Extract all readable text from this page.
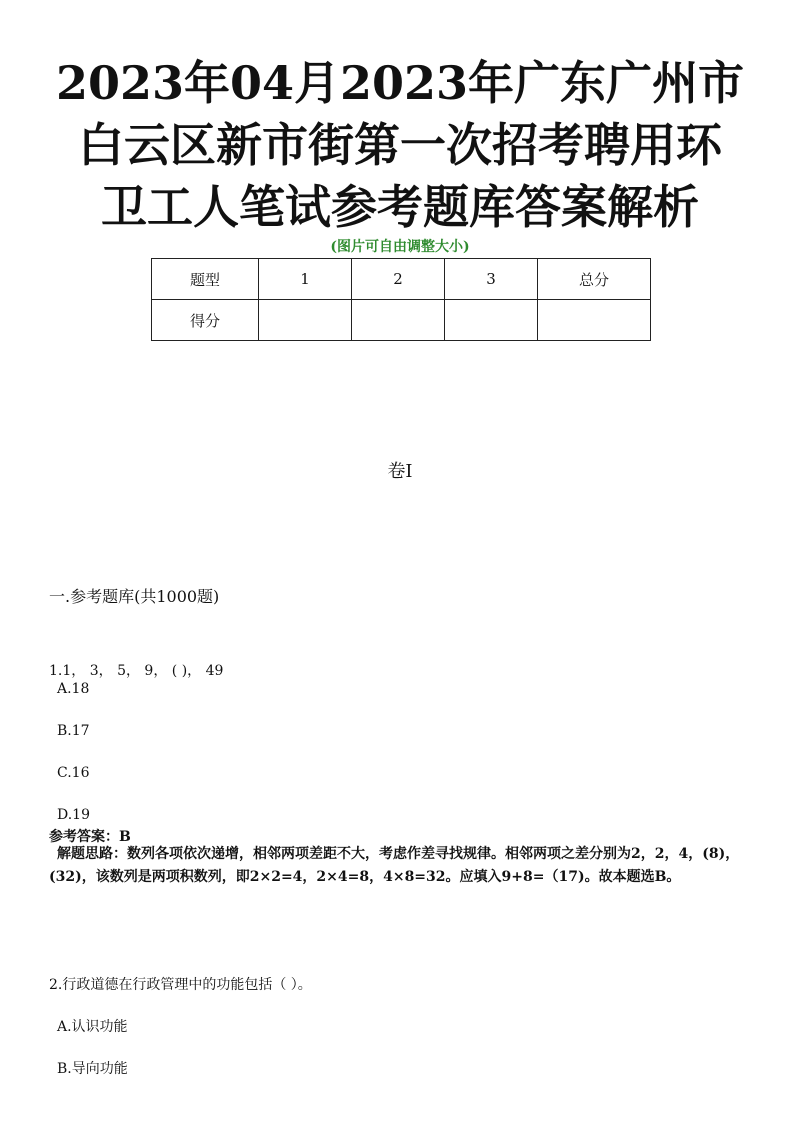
2023年04月2023年广东广州市
白云区新市街第一次招考聘用环
卫工人笔试参考题库答案解析
(图片可自由调整大小)
题型	1	2	3	总分
得分				
卷I
一.参考题库(共1000题)
1.1， 3， 5， 9， ( )， 49
A.18
B.17
C.16
D.19
参考答案：B
解题思路：数列各项依次递增，相邻两项差距不大，考虑作差寻找规律。相邻两项之差分别为2，2，4，(8)，(32)，该数列是两项积数列，即2×2=4，2×4=8，4×8=32。应填入9+8=（17)。故本题选B。
2.行政道德在行政管理中的功能包括（ ）。
A.认识功能
B.导向功能
